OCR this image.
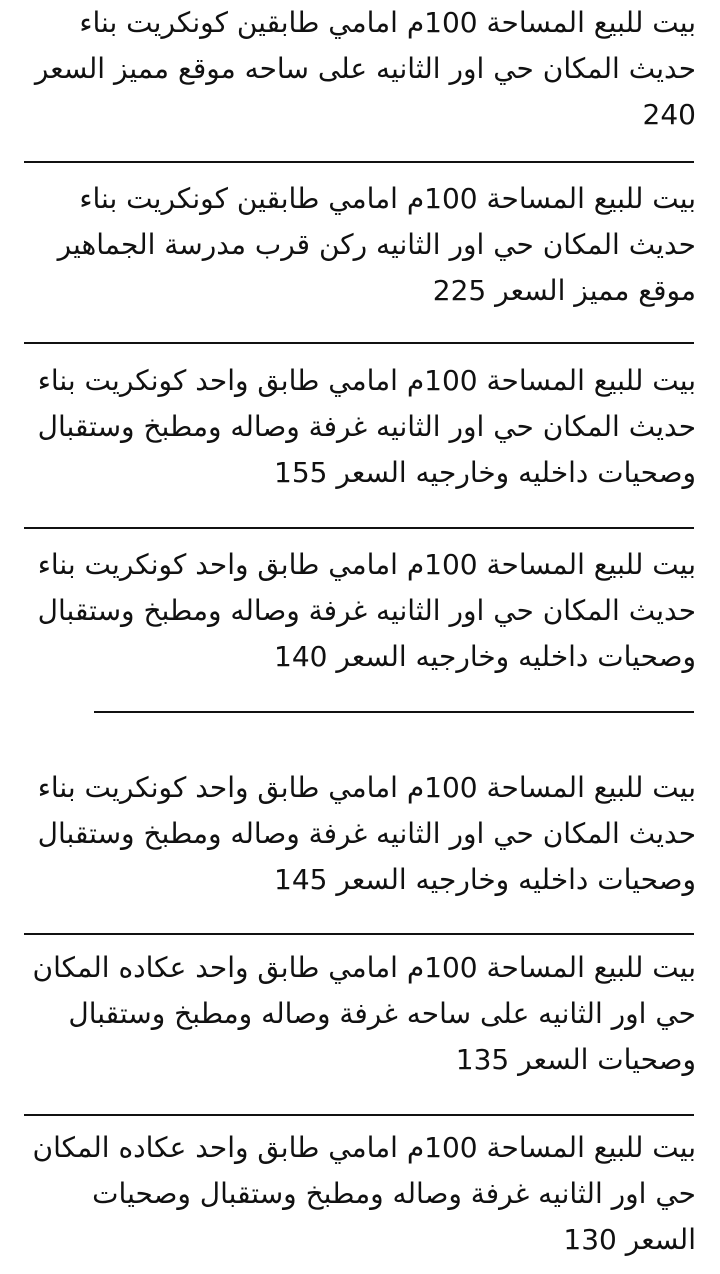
بيت للبيع المساحة 100م امامي طابقين كونكريت بناء
حديث المكان حي اور الثانيه على ساحه موقع مميز السعر
240
بيت للبيع المساحة 100م امامي طابقين كونكريت بناء
حديث المكان حي اور الثانيه ركن قرب مدرسة الجماهير
موقع مميز السعر 225
بيت للبيع المساحة 100م امامي طابق واحد كونكريت بناء
حديث المكان حي اور الثانيه غرفة وصاله ومطبخ وستقبال
وصحيات داخليه وخارجيه السعر 155
بيت للبيع المساحة 100م امامي طابق واحد كونكريت بناء
حديث المكان حي اور الثانيه غرفة وصاله ومطبخ وستقبال
وصحيات داخليه وخارجيه السعر 140
بيت للبيع المساحة 100م امامي طابق واحد كونكريت بناء
حديث المكان حي اور الثانيه غرفة وصاله ومطبخ وستقبال
وصحيات داخليه وخارجيه السعر 145
بيت للبيع المساحة 100م امامي طابق واحد عكاده المكان
حي اور الثانيه على ساحه غرفة وصاله ومطبخ وستقبال
وصحيات السعر 135
بيت للبيع المساحة 100م امامي طابق واحد عكاده المكان
حي اور الثانيه غرفة وصاله ومطبخ وستقبال وصحيات
السعر 130
